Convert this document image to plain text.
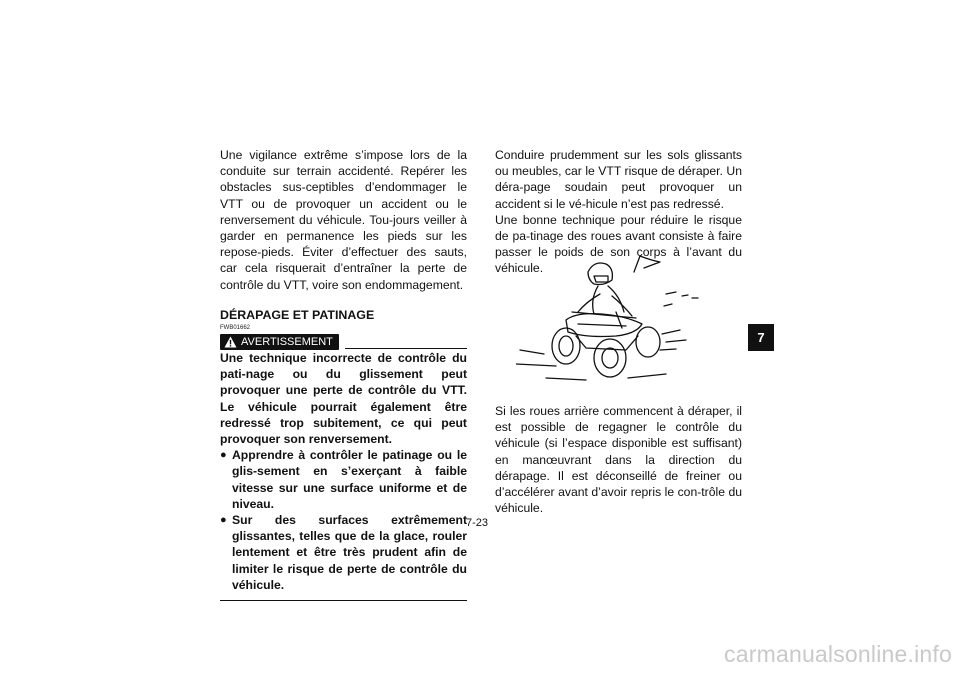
Une vigilance extrême s’impose lors de la conduite sur terrain accidenté. Repérer les obstacles sus-ceptibles d’endommager le VTT ou de provoquer un accident ou le renversement du véhicule. Tou-jours veiller à garder en permanence les pieds sur les repose-pieds. Éviter d’effectuer des sauts, car cela risquerait d’entraîner la perte de contrôle du VTT, voire son endommagement.

DÉRAPAGE ET PATINAGE
FWB01662
AVERTISSEMENT

Une technique incorrecte de contrôle du pati-nage ou du glissement peut provoquer une perte de contrôle du VTT. Le véhicule pourrait également être redressé trop subitement, ce qui peut provoquer son renversement.

● Apprendre à contrôler le patinage ou le glis-sement en s’exerçant à faible vitesse sur une surface uniforme et de niveau.
● Sur des surfaces extrêmement glissantes, telles que de la glace, rouler lentement et être très prudent afin de limiter le risque de perte de contrôle du véhicule.

Conduire prudemment sur les sols glissants ou meubles, car le VTT risque de déraper. Un déra-page soudain peut provoquer un accident si le vé-hicule n’est pas redressé.

Une bonne technique pour réduire le risque de pa-tinage des roues avant consiste à faire passer le poids de son corps à l’avant du véhicule.

Si les roues arrière commencent à déraper, il est possible de regagner le contrôle du véhicule (si l’espace disponible est suffisant) en manœuvrant dans la direction du dérapage. Il est déconseillé de freiner ou d’accélérer avant d’avoir repris le con-trôle du véhicule.

7-23
7
carmanualsonline.info
